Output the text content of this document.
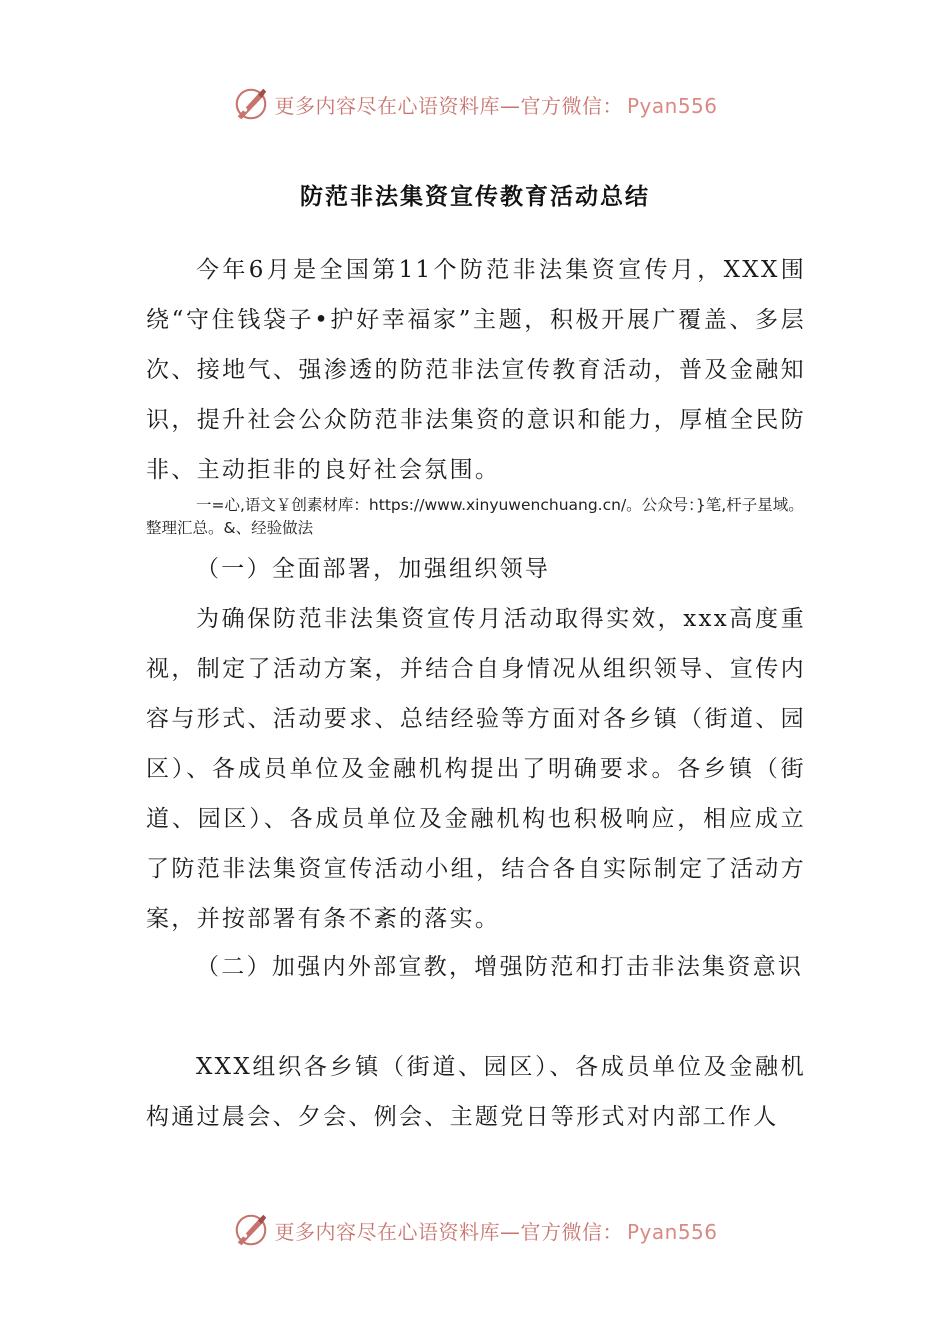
更多内容尽在心语资料库—官方微信： Pyan556
防范非法集资宣传教育活动总结
今年6月是全国第11个防范非法集资宣传月，XXX围绕“守住钱袋子•护好幸福家”主题，积极开展广覆盖、多层次、接地气、强渗透的防范非法宣传教育活动，普及金融知识，提升社会公众防范非法集资的意识和能力，厚植全民防非、主动拒非的良好社会氛围。
一=心,语文￥创素材库：https://www.xinyuwenchuang.cn/。公众号：}笔,杆子星域。整理汇总。&、经验做法
（一）全面部署，加强组织领导
为确保防范非法集资宣传月活动取得实效，xxx高度重视，制定了活动方案，并结合自身情况从组织领导、宣传内容与形式、活动要求、总结经验等方面对各乡镇（街道、园区）、各成员单位及金融机构提出了明确要求。各乡镇（街道、园区）、各成员单位及金融机构也积极响应，相应成立了防范非法集资宣传活动小组，结合各自实际制定了活动方案，并按部署有条不紊的落实。
（二）加强内外部宣教，增强防范和打击非法集资意识
XXX组织各乡镇（街道、园区）、各成员单位及金融机构通过晨会、夕会、例会、主题党日等形式对内部工作人
更多内容尽在心语资料库—官方微信： Pyan556
